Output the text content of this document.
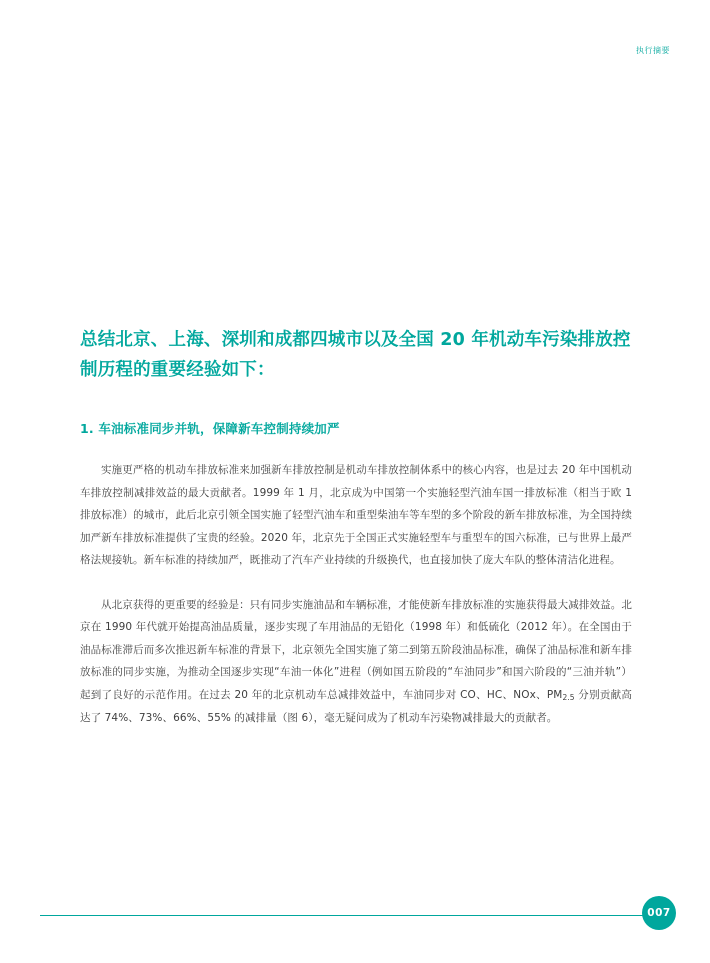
执行摘要
总结北京、上海、深圳和成都四城市以及全国 20 年机动车污染排放控制历程的重要经验如下：
1. 车油标准同步并轨，保障新车控制持续加严

实施更严格的机动车排放标准来加强新车排放控制是机动车排放控制体系中的核心内容，也是过去 20 年中国机动车排放控制减排效益的最大贡献者。1999 年 1 月，北京成为中国第一个实施轻型汽油车国一排放标准（相当于欧 1 排放标准）的城市，此后北京引领全国实施了轻型汽油车和重型柴油车等车型的多个阶段的新车排放标准，为全国持续加严新车排放标准提供了宝贵的经验。2020 年，北京先于全国正式实施轻型车与重型车的国六标准，已与世界上最严格法规接轨。新车标准的持续加严，既推动了汽车产业持续的升级换代，也直接加快了庞大车队的整体清洁化进程。

从北京获得的更重要的经验是：只有同步实施油品和车辆标准，才能使新车排放标准的实施获得最大减排效益。北京在 1990 年代就开始提高油品质量，逐步实现了车用油品的无铅化（1998 年）和低硫化（2012 年）。在全国由于油品标准滞后而多次推迟新车标准的背景下，北京领先全国实施了第二到第五阶段油品标准，确保了油品标准和新车排放标准的同步实施，为推动全国逐步实现“车油一体化”进程（例如国五阶段的“车油同步”和国六阶段的“三油并轨”）起到了良好的示范作用。在过去 20 年的北京机动车总减排效益中，车油同步对 CO、HC、NOx、$PM_{2.5}$ 分别贡献高达了 74%、73%、66%、55% 的减排量（图 6），毫无疑问成为了机动车污染物减排最大的贡献者。

007
